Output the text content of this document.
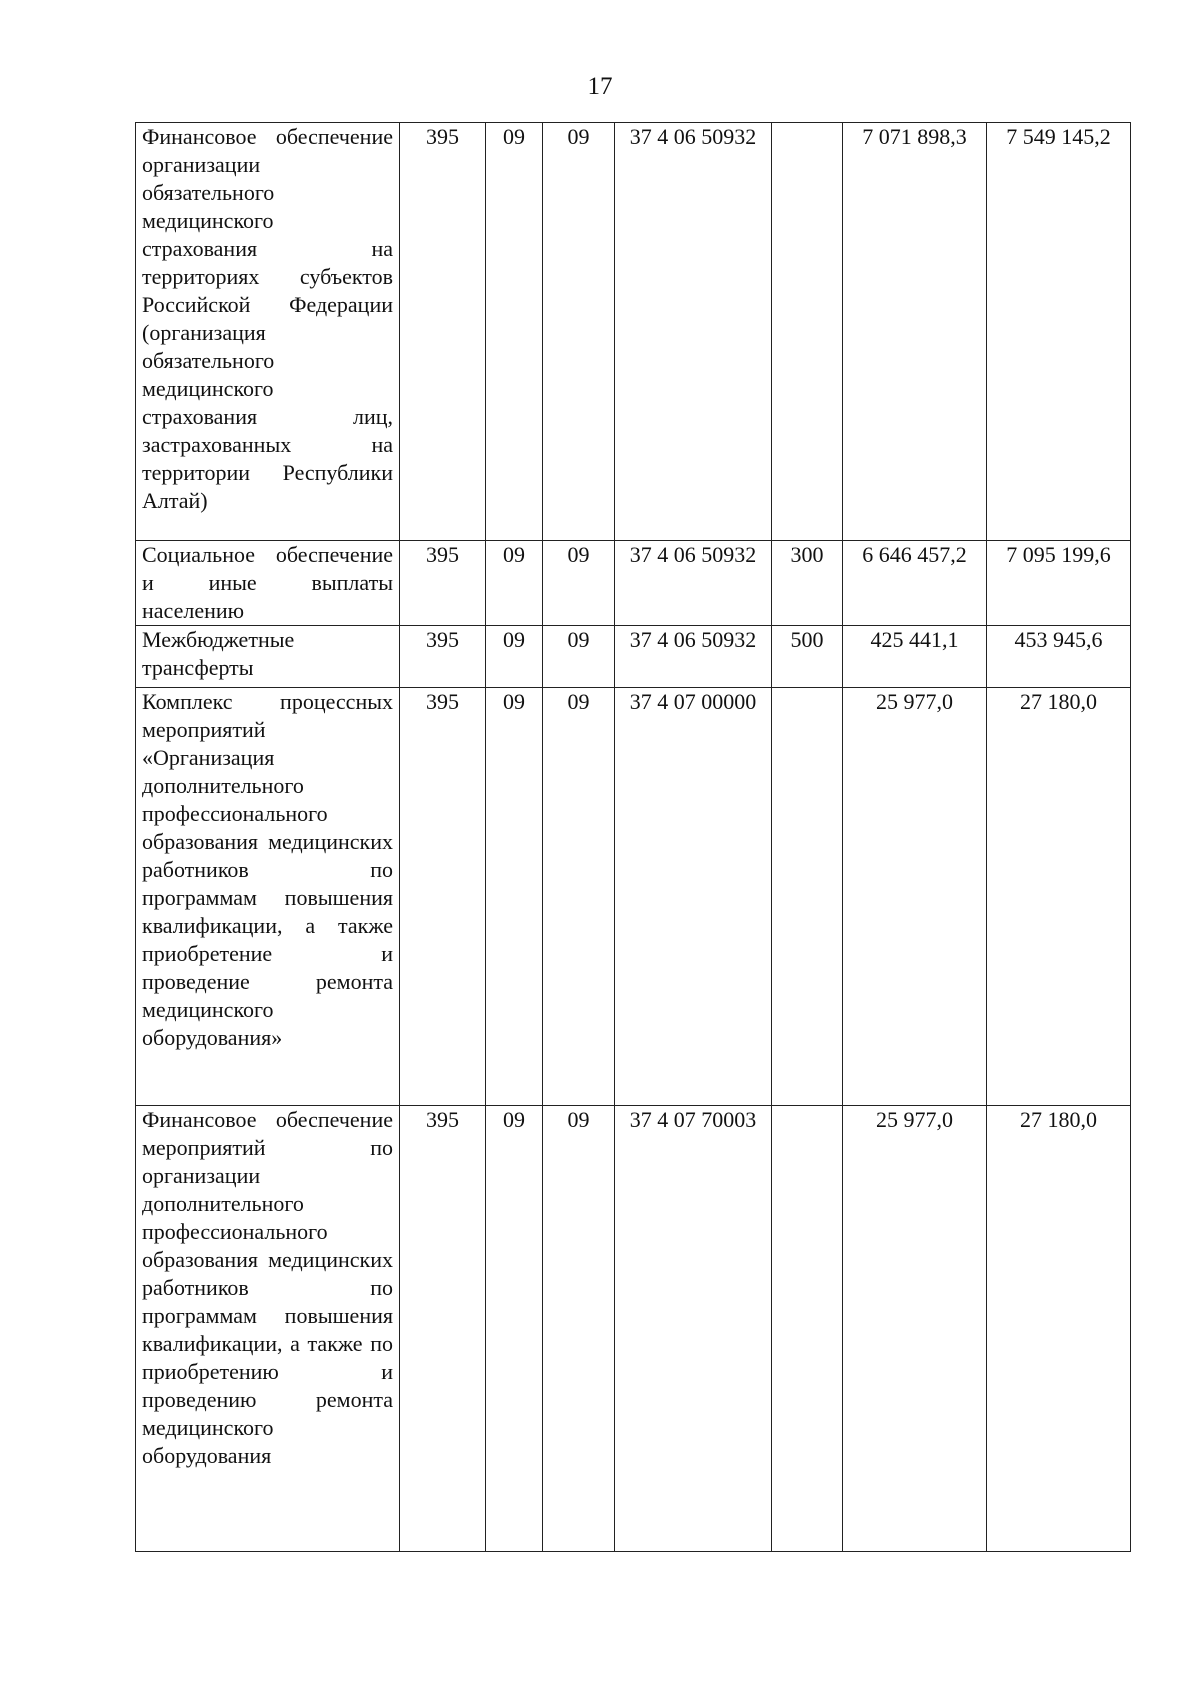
17
Финансовое обеспечение организации обязательного медицинского страхования на территориях субъектов Российской Федерации (организация обязательного медицинского страхования лиц, застрахованных на территории Республики Алтай)	395	09	09	37 4 06 50932		7 071 898,3	7 549 145,2
Социальное обеспечение и иные выплаты населению	395	09	09	37 4 06 50932	300	6 646 457,2	7 095 199,6
Межбюджетные трансферты	395	09	09	37 4 06 50932	500	425 441,1	453 945,6
Комплекс процессных мероприятий «Организация дополнительного профессионального образования медицинских работников по программам повышения квалификации, а также приобретение и проведение ремонта медицинского оборудования»	395	09	09	37 4 07 00000		25 977,0	27 180,0
Финансовое обеспечение мероприятий по организации дополнительного профессионального образования медицинских работников по программам повышения квалификации, а также по приобретению и проведению ремонта медицинского оборудования	395	09	09	37 4 07 70003		25 977,0	27 180,0
